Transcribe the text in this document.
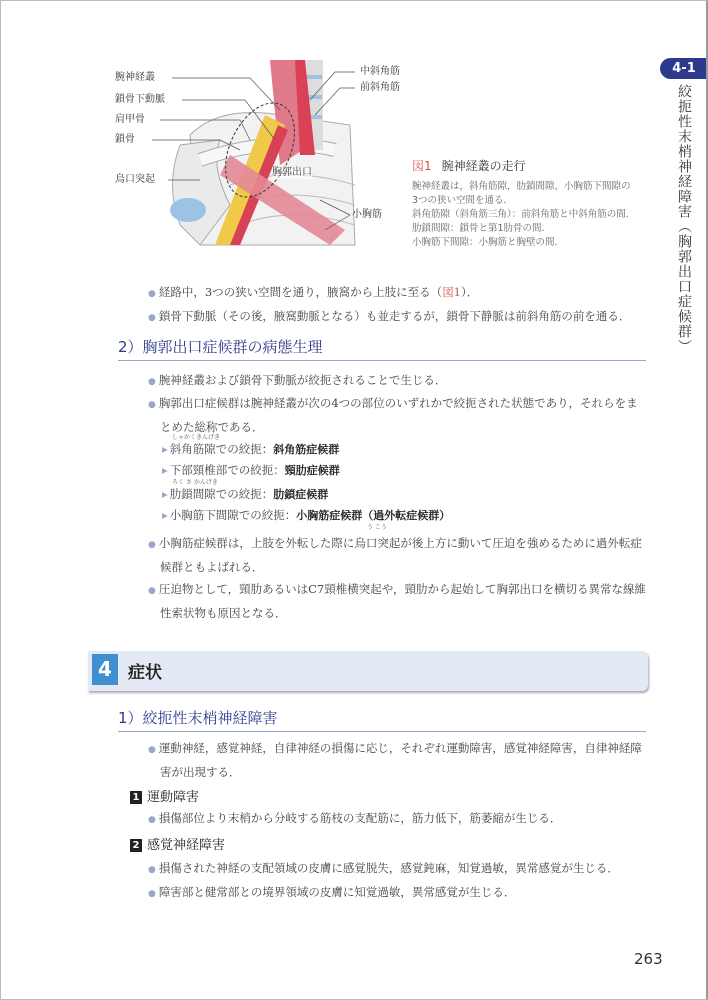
4-1
絞扼性末梢神経障害（胸郭出口症候群）
腕神経叢
鎖骨下動脈
肩甲骨
鎖骨
烏口突起
中斜角筋
前斜角筋
胸郭出口
小胸筋
図1 腕神経叢の走行
腕神経叢は，斜角筋隙，肋鎖間隙，小胸筋下間隙の
3つの狭い空間を通る．
斜角筋隙（斜角筋三角）：前斜角筋と中斜角筋の間．
肋鎖間隙：鎖骨と第1肋骨の間．
小胸筋下間隙：小胸筋と胸壁の間．
● 経路中，3つの狭い空間を通り，腋窩から上肢に至る（図1）．
● 鎖骨下動脈（その後，腋窩動脈となる）も並走するが，鎖骨下静脈は前斜角筋の前を通る．
2）胸郭出口症候群の病態生理
● 腕神経叢および鎖骨下動脈が絞扼されることで生じる．
● 胸郭出口症候群は腕神経叢が次の4つの部位のいずれかで絞扼された状態であり，それらをまとめた総称である．
しゃかくきんげき
▸ 斜角筋隙での絞扼：斜角筋症候群
▸ 下部頸椎部での絞扼：頸肋症候群
ろく さ かんげき
▸ 肋鎖間隙での絞扼：肋鎖症候群
▸ 小胸筋下間隙での絞扼：小胸筋症候群（過外転症候群）
う こう
● 小胸筋症候群は，上肢を外転した際に烏口突起が後上方に動いて圧迫を強めるために過外転症候群ともよばれる．
● 圧迫物として，頸肋あるいはC7頸椎横突起や，頸肋から起始して胸郭出口を横切る異常な線維性索状物も原因となる．
4 症状
1）絞扼性末梢神経障害
● 運動神経，感覚神経，自律神経の損傷に応じ，それぞれ運動障害，感覚神経障害，自律神経障害が出現する．
1 運動障害
● 損傷部位より末梢から分岐する筋枝の支配筋に，筋力低下，筋萎縮が生じる．
2 感覚神経障害
● 損傷された神経の支配領域の皮膚に感覚脱失，感覚鈍麻，知覚過敏，異常感覚が生じる．
● 障害部と健常部との境界領域の皮膚に知覚過敏，異常感覚が生じる．
263
